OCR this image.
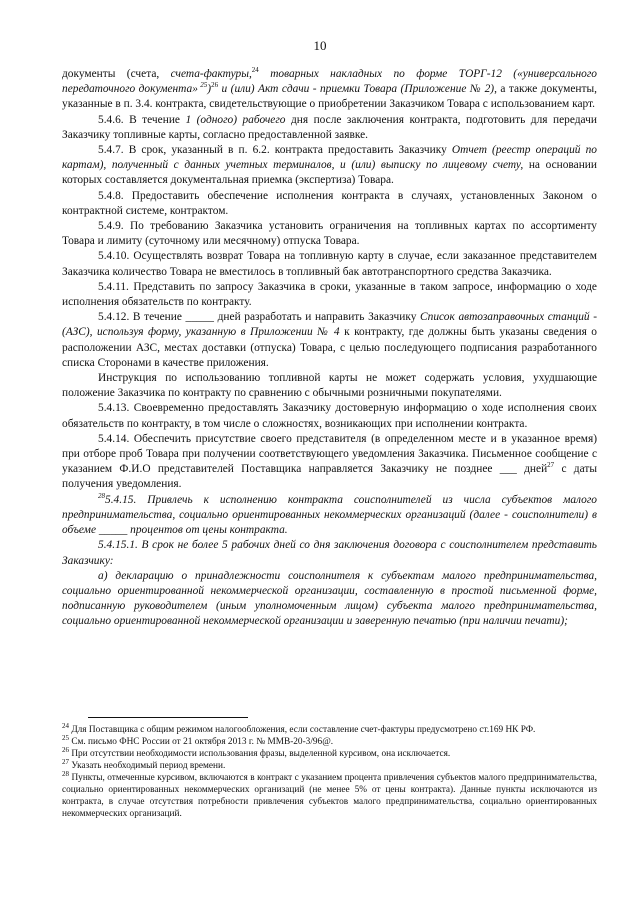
10

документы (счета, счета-фактуры,$^{24}$ товарных накладных по форме ТОРГ-12 («универсального передаточного документа» $^{25}$)$^{26}$ и (или) Акт сдачи - приемки Товара (Приложение № 2), а также документы, указанные в п. 3.4. контракта, свидетельствующие о приобретении Заказчиком Товара с использованием карт.

5.4.6. В течение 1 (одного) рабочего дня после заключения контракта, подготовить для передачи Заказчику топливные карты, согласно предоставленной заявке.

5.4.7. В срок, указанный в п. 6.2. контракта предоставить Заказчику Отчет (реестр операций по картам), полученный с данных учетных терминалов, и (или) выписку по лицевому счету, на основании которых составляется документальная приемка (экспертиза) Товара.

5.4.8. Предоставить обеспечение исполнения контракта в случаях, установленных Законом о контрактной системе, контрактом.

5.4.9. По требованию Заказчика установить ограничения на топливных картах по ассортименту Товара и лимиту (суточному или месячному) отпуска Товара.

5.4.10. Осуществлять возврат Товара на топливную карту в случае, если заказанное представителем Заказчика количество Товара не вместилось в топливный бак автотранспортного средства Заказчика.

5.4.11. Представить по запросу Заказчика в сроки, указанные в таком запросе, информацию о ходе исполнения обязательств по контракту.

5.4.12. В течение _____ дней разработать и направить Заказчику Список автозаправочных станций - (АЗС), используя форму, указанную в Приложении № 4 к контракту, где должны быть указаны сведения о расположении АЗС, местах доставки (отпуска) Товара, с целью последующего подписания разработанного списка Сторонами в качестве приложения.

Инструкция по использованию топливной карты не может содержать условия, ухудшающие положение Заказчика по контракту по сравнению с обычными розничными покупателями.

5.4.13. Своевременно предоставлять Заказчику достоверную информацию о ходе исполнения своих обязательств по контракту, в том числе о сложностях, возникающих при исполнении контракта.

5.4.14. Обеспечить присутствие своего представителя (в определенном месте и в указанное время) при отборе проб Товара при получении соответствующего уведомления Заказчика. Письменное сообщение с указанием Ф.И.О представителей Поставщика направляется Заказчику не позднее ___ дней$^{27}$ с даты получения уведомления.

$^{28}$5.4.15. Привлечь к исполнению контракта соисполнителей из числа субъектов малого предпринимательства, социально ориентированных некоммерческих организаций (далее - соисполнители) в объеме _____ процентов от цены контракта.

5.4.15.1. В срок не более 5 рабочих дней со дня заключения договора с соисполнителем представить Заказчику:

а) декларацию о принадлежности соисполнителя к субъектам малого предпринимательства, социально ориентированной некоммерческой организации, составленную в простой письменной форме, подписанную руководителем (иным уполномоченным лицом) субъекта малого предпринимательства, социально ориентированной некоммерческой организации и заверенную печатью (при наличии печати);

$^{24}$ Для Поставщика с общим режимом налогообложения, если составление счет-фактуры предусмотрено ст.169 НК РФ.

$^{25}$ См. письмо ФНС России от 21 октября 2013 г. № ММВ-20-3/96@.

$^{26}$ При отсутствии необходимости использования фразы, выделенной курсивом, она исключается.

$^{27}$ Указать необходимый период времени.

$^{28}$ Пункты, отмеченные курсивом, включаются в контракт с указанием процента привлечения субъектов малого предпринимательства, социально ориентированных некоммерческих организаций (не менее 5% от цены контракта). Данные пункты исключаются из контракта, в случае отсутствия потребности привлечения субъектов малого предпринимательства, социально ориентированных некоммерческих организаций.
